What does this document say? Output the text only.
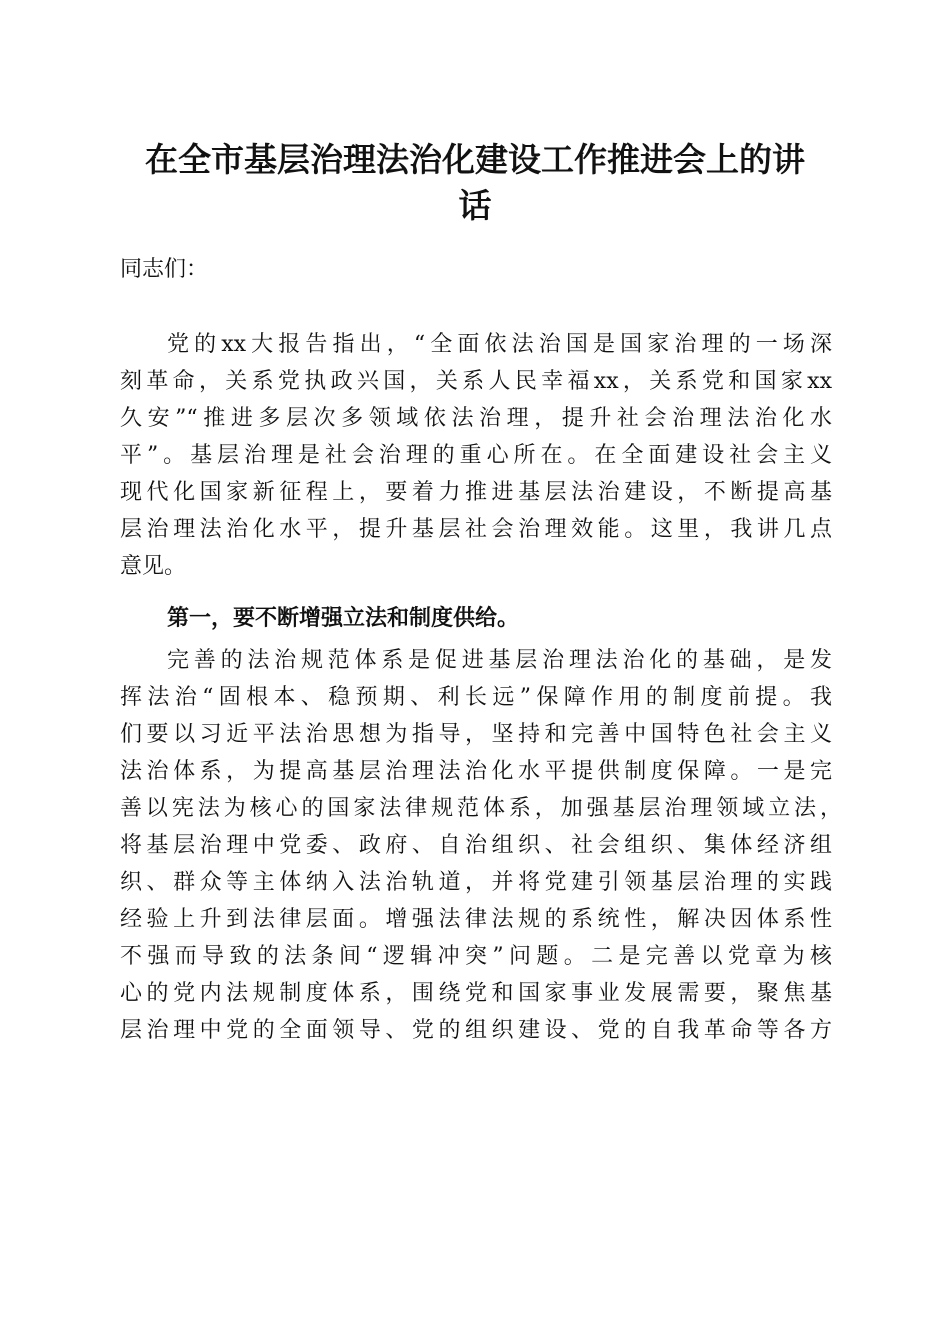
在全市基层治理法治化建设工作推进会上的讲
话
同志们：
党的xx大报告指出，“全面依法治国是国家治理的一场深
刻革命，关系党执政兴国，关系人民幸福xx，关系党和国家xx
久安”“推进多层次多领域依法治理，提升社会治理法治化水
平”。基层治理是社会治理的重心所在。在全面建设社会主义
现代化国家新征程上，要着力推进基层法治建设，不断提高基
层治理法治化水平，提升基层社会治理效能。这里，我讲几点
意见。
第一，要不断增强立法和制度供给。
完善的法治规范体系是促进基层治理法治化的基础，是发
挥法治“固根本、稳预期、利长远”保障作用的制度前提。我
们要以习近平法治思想为指导，坚持和完善中国特色社会主义
法治体系，为提高基层治理法治化水平提供制度保障。一是完
善以宪法为核心的国家法律规范体系，加强基层治理领域立法，
将基层治理中党委、政府、自治组织、社会组织、集体经济组
织、群众等主体纳入法治轨道，并将党建引领基层治理的实践
经验上升到法律层面。增强法律法规的系统性，解决因体系性
不强而导致的法条间“逻辑冲突”问题。二是完善以党章为核
心的党内法规制度体系，围绕党和国家事业发展需要，聚焦基
层治理中党的全面领导、党的组织建设、党的自我革命等各方
